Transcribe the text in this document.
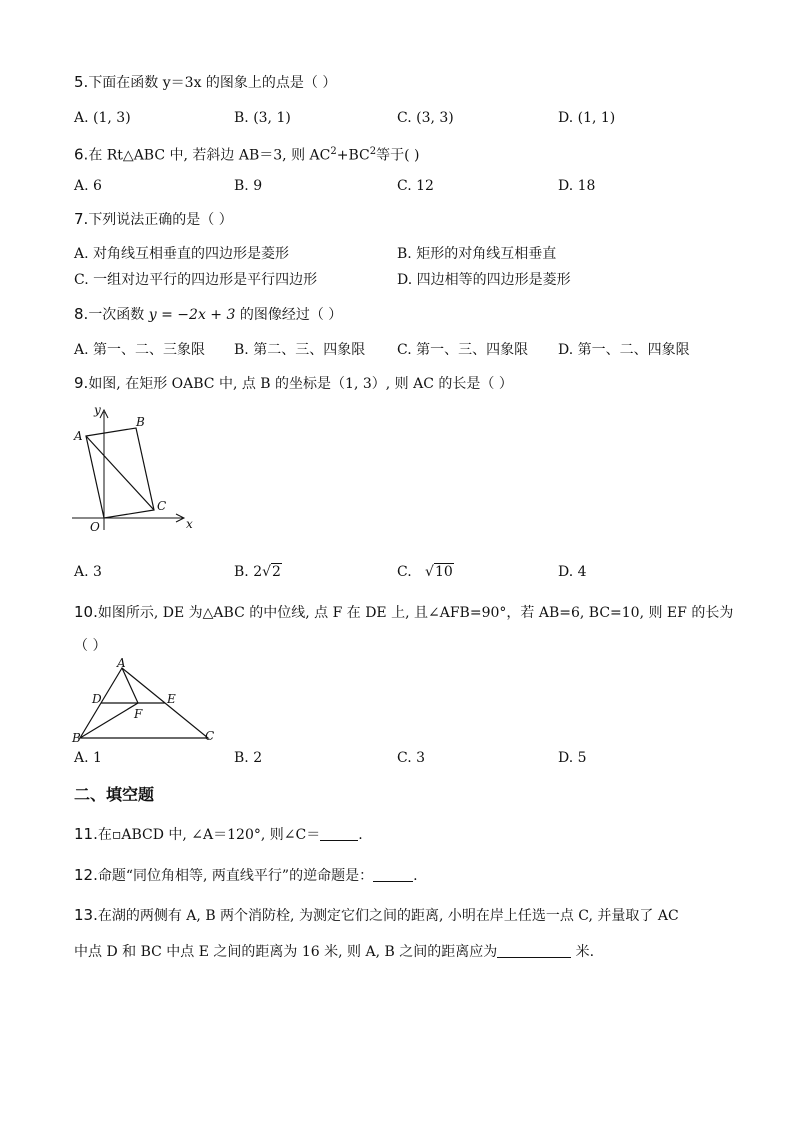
5.下面在函数 y＝3x 的图象上的点是（ ）
A. (1, 3)	B. (3, 1)	C. (3, 3)	D. (1, 1)
6.在 Rt△ABC 中, 若斜边 AB＝3, 则 $AC^2+BC^2$等于( )
A. 6	B. 9	C. 12	D. 18
7.下列说法正确的是（ ）
A. 对角线互相垂直的四边形是菱形	B. 矩形的对角线互相垂直
C. 一组对边平行的四边形是平行四边形	D. 四边相等的四边形是菱形
8.一次函数 y = −2x + 3 的图像经过（ ）
A. 第一、二、三象限 B. 第二、三、四象限 C. 第一、三、四象限 D. 第一、二、四象限
9.如图, 在矩形 OABC 中, 点 B 的坐标是（1, 3）, 则 AC 的长是（ ）
y
x
A
B
C
O
A. 3	B. 2√2	C. √10	D. 4
10.如图所示, DE 为△ABC 的中位线, 点 F 在 DE 上, 且∠AFB=90°，若 AB=6, BC=10, 则 EF 的长为
（ ）
A
D	E
F
B	C
A. 1	B. 2	C. 3	D. 5
二、填空题
11.在▫ABCD 中, ∠A＝120°, 则∠C＝	.
12.命题“同位角相等, 两直线平行”的逆命题是：	.
13.在湖的两侧有 A, B 两个消防栓, 为测定它们之间的距离, 小明在岸上任选一点 C, 并量取了 AC
中点 D 和 BC 中点 E 之间的距离为 16 米, 则 A, B 之间的距离应为	米.
